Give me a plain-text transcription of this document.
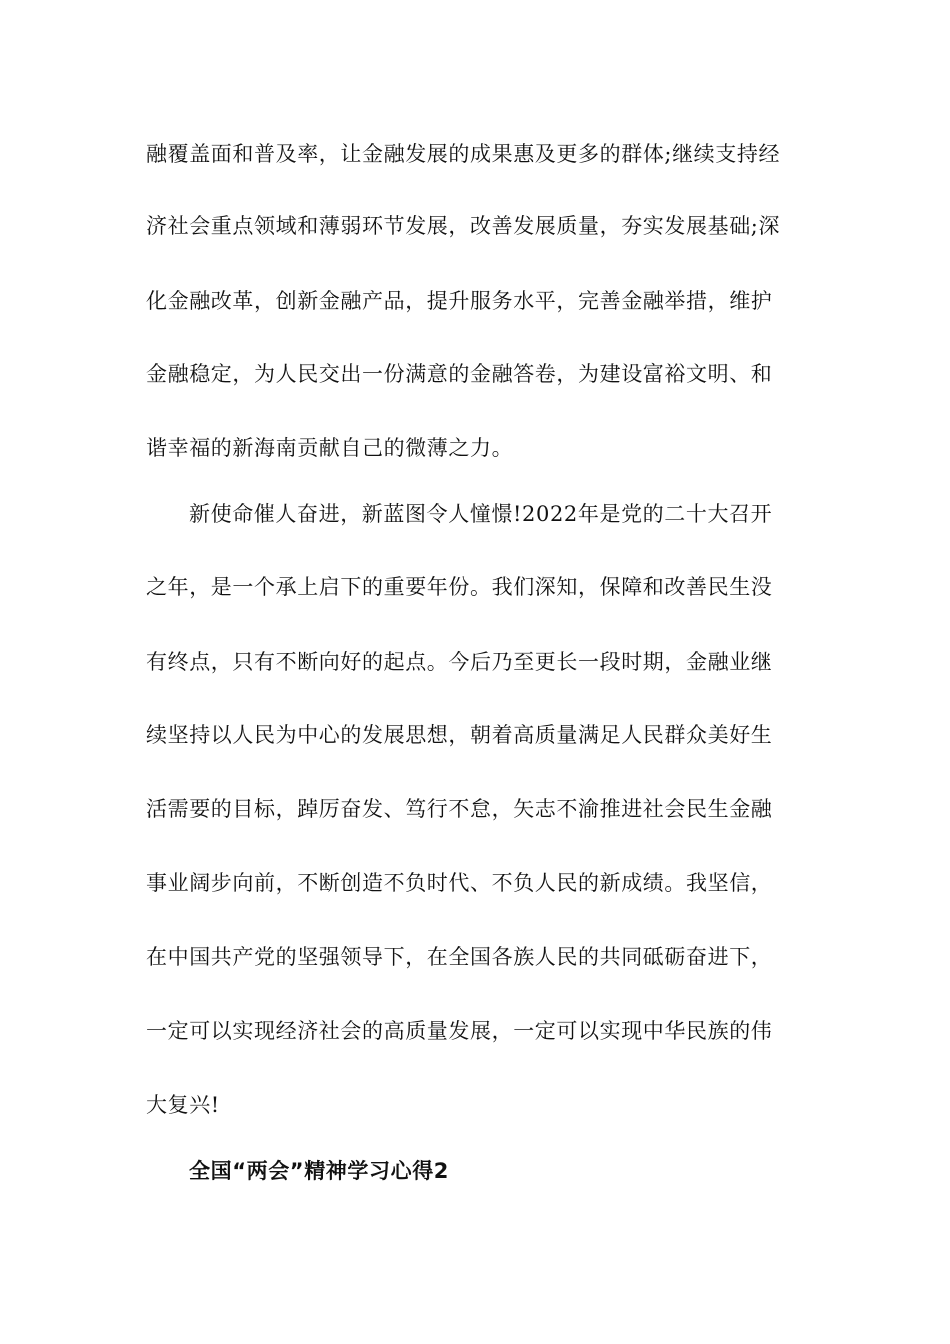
融覆盖面和普及率，让金融发展的成果惠及更多的群体;继续支持经
济社会重点领域和薄弱环节发展，改善发展质量，夯实发展基础;深
化金融改革，创新金融产品，提升服务水平，完善金融举措，维护
金融稳定，为人民交出一份满意的金融答卷，为建设富裕文明、和
谐幸福的新海南贡献自己的微薄之力。
新使命催人奋进，新蓝图令人憧憬!2022年是党的二十大召开
之年，是一个承上启下的重要年份。我们深知，保障和改善民生没
有终点，只有不断向好的起点。今后乃至更长一段时期，金融业继
续坚持以人民为中心的发展思想，朝着高质量满足人民群众美好生
活需要的目标，踔厉奋发、笃行不怠，矢志不渝推进社会民生金融
事业阔步向前，不断创造不负时代、不负人民的新成绩。我坚信，
在中国共产党的坚强领导下，在全国各族人民的共同砥砺奋进下，
一定可以实现经济社会的高质量发展，一定可以实现中华民族的伟
大复兴!
全国“两会”精神学习心得2
